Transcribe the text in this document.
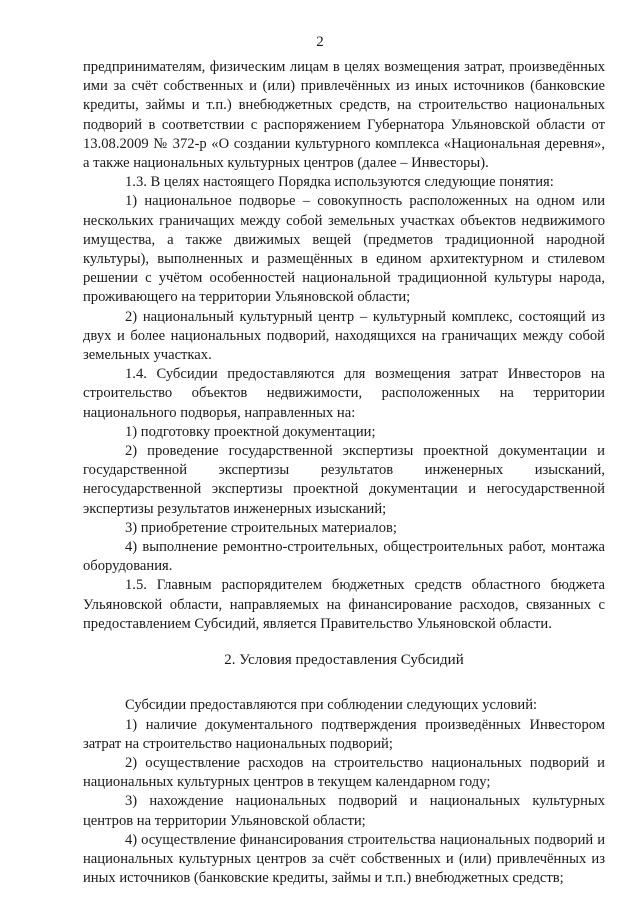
2

предпринимателям, физическим лицам в целях возмещения затрат, произведённых ими за счёт собственных и (или) привлечённых из иных источников (банковские кредиты, займы и т.п.) внебюджетных средств, на строительство национальных подворий в соответствии с распоряжением Губернатора Ульяновской области от 13.08.2009 № 372-р «О создании культурного комплекса «Национальная деревня», а также национальных культурных центров (далее – Инвесторы).

1.3. В целях настоящего Порядка используются следующие понятия:

1) национальное подворье – совокупность расположенных на одном или нескольких граничащих между собой земельных участках объектов недвижимого имущества, а также движимых вещей (предметов традиционной народной культуры), выполненных и размещённых в едином архитектурном и стилевом решении с учётом особенностей национальной традиционной культуры народа, проживающего на территории Ульяновской области;

2) национальный культурный центр – культурный комплекс, состоящий из двух и более национальных подворий, находящихся на граничащих между собой земельных участках.

1.4. Субсидии предоставляются для возмещения затрат Инвесторов на строительство объектов недвижимости, расположенных на территории национального подворья, направленных на:

1) подготовку проектной документации;

2) проведение государственной экспертизы проектной документации и государственной экспертизы результатов инженерных изысканий, негосударственной экспертизы проектной документации и негосударственной экспертизы результатов инженерных изысканий;

3) приобретение строительных материалов;

4) выполнение ремонтно-строительных, общестроительных работ, монтажа оборудования.

1.5. Главным распорядителем бюджетных средств областного бюджета Ульяновской области, направляемых на финансирование расходов, связанных с предоставлением Субсидий, является Правительство Ульяновской области.

2. Условия предоставления Субсидий

Субсидии предоставляются при соблюдении следующих условий:

1) наличие документального подтверждения произведённых Инвестором затрат на строительство национальных подворий;

2) осуществление расходов на строительство национальных подворий и национальных культурных центров в текущем календарном году;

3) нахождение национальных подворий и национальных культурных центров на территории Ульяновской области;

4) осуществление финансирования строительства национальных подворий и национальных культурных центров за счёт собственных и (или) привлечённых из иных источников (банковские кредиты, займы и т.п.) внебюджетных средств;
